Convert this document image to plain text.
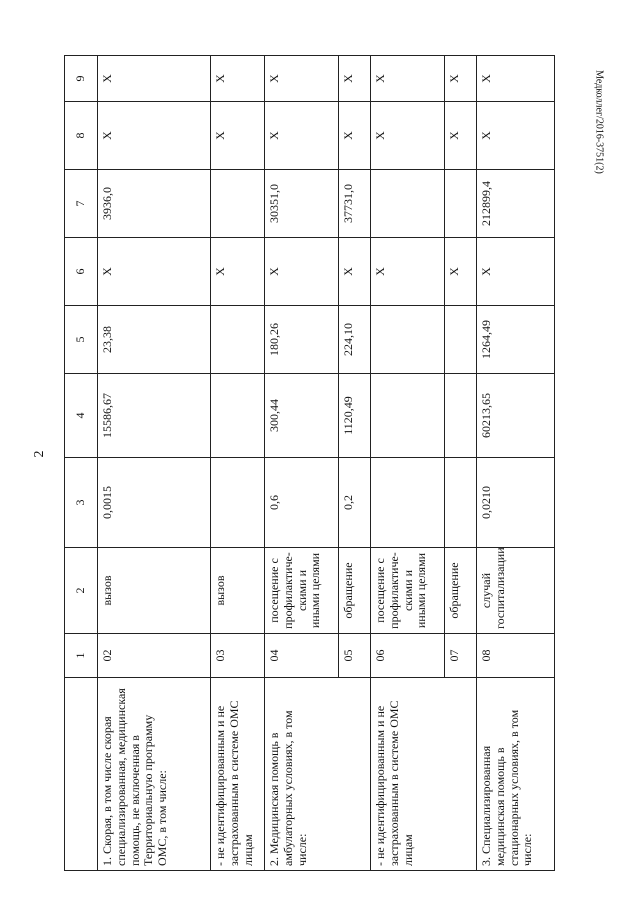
2
Медколлег/2016-3751(2)
	1	2	3	4	5	6	7	8	9
1. Скорая, в том числе скорая специализированная, медицинская помощь, не включенная в Территориальную программу ОМС, в том числе:	02	вызов	0,0015	15586,67	23,38	Х	3936,0	Х	Х
- не идентифицированным и не застрахованным в системе ОМС лицам	03	вызов				Х		Х	Х
2. Медицинская помощь в амбулаторных условиях, в том числе:	04	посещение с профилактиче-скими и иными целями	0,6	300,44	180,26	Х	30351,0	Х	Х
	05	обращение	0,2	1120,49	224,10	Х	37731,0	Х	Х
- не идентифицированным и не застрахованным в системе ОМС лицам	06	посещение с профилактиче-скими и иными целями				Х		Х	Х
	07	обращение				Х		Х	Х
3. Специализированная медицинская помощь в стационарных условиях, в том числе:	08	случай госпитализации	0,0210	60213,65	1264,49	Х	212899,4	Х	Х
